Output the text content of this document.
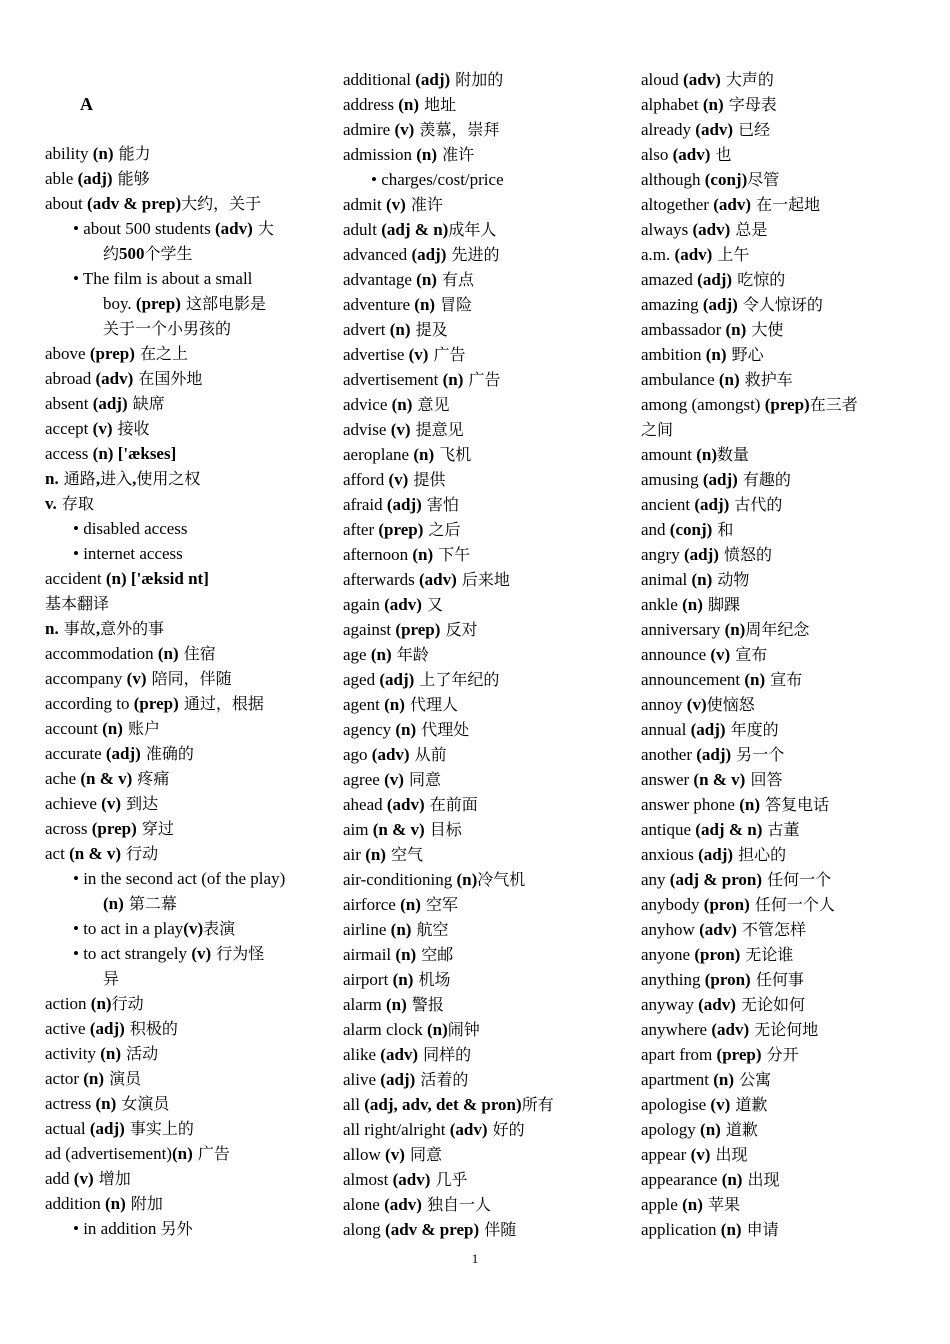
A
ability (n) 能力
able (adj) 能够
about (adv & prep)大约，关于
• about 500 students (adv) 大
约500个学生
• The film is about a small
boy. (prep) 这部电影是
关于一个小男孩的
above (prep) 在之上
abroad (adv) 在国外地
absent (adj) 缺席
accept (v) 接收
access (n) ['ækses]
n. 通路,进入,使用之权
v. 存取
• disabled access
• internet access
accident (n) ['æksid nt]
基本翻译
n. 事故,意外的事
accommodation (n) 住宿
accompany (v) 陪同，伴随
according to (prep) 通过，根据
account (n) 账户
accurate (adj) 准确的
ache (n & v) 疼痛
achieve (v) 到达
across (prep) 穿过
act (n & v) 行动
• in the second act (of the play)
(n) 第二幕
• to act in a play(v)表演
• to act strangely (v) 行为怪
异
action (n)行动
active (adj) 积极的
activity (n) 活动
actor (n) 演员
actress (n) 女演员
actual (adj) 事实上的
ad (advertisement)(n) 广告
add (v) 增加
addition (n) 附加
• in addition 另外
additional (adj) 附加的
address (n) 地址
admire (v) 羡慕，崇拜
admission (n) 准许
• charges/cost/price
admit (v) 准许
adult (adj & n)成年人
advanced (adj) 先进的
advantage (n) 有点
adventure (n) 冒险
advert (n) 提及
advertise (v) 广告
advertisement (n) 广告
advice (n) 意见
advise (v) 提意见
aeroplane (n) 飞机
afford (v) 提供
afraid (adj) 害怕
after (prep) 之后
afternoon (n) 下午
afterwards (adv) 后来地
again (adv) 又
against (prep) 反对
age (n) 年龄
aged (adj) 上了年纪的
agent (n) 代理人
agency (n) 代理处
ago (adv) 从前
agree (v) 同意
ahead (adv) 在前面
aim (n & v) 目标
air (n) 空气
air-conditioning (n)冷气机
airforce (n) 空军
airline (n) 航空
airmail (n) 空邮
airport (n) 机场
alarm (n) 警报
alarm clock (n)闹钟
alike (adv) 同样的
alive (adj) 活着的
all (adj, adv, det & pron)所有
all right/alright (adv) 好的
allow (v) 同意
almost (adv) 几乎
alone (adv) 独自一人
along (adv & prep) 伴随
aloud (adv) 大声的
alphabet (n) 字母表
already (adv) 已经
also (adv) 也
although (conj)尽管
altogether (adv) 在一起地
always (adv) 总是
a.m. (adv) 上午
amazed (adj) 吃惊的
amazing (adj) 令人惊讶的
ambassador (n) 大使
ambition (n) 野心
ambulance (n) 救护车
among (amongst) (prep)在三者
之间
amount (n)数量
amusing (adj) 有趣的
ancient (adj) 古代的
and (conj) 和
angry (adj) 愤怒的
animal (n) 动物
ankle (n) 脚踝
anniversary (n)周年纪念
announce (v) 宣布
announcement (n) 宣布
annoy (v)使恼怒
annual (adj) 年度的
another (adj) 另一个
answer (n & v) 回答
answer phone (n) 答复电话
antique (adj & n) 古董
anxious (adj) 担心的
any (adj & pron) 任何一个
anybody (pron) 任何一个人
anyhow (adv) 不管怎样
anyone (pron) 无论谁
anything (pron) 任何事
anyway (adv) 无论如何
anywhere (adv) 无论何地
apart from (prep) 分开
apartment (n) 公寓
apologise (v) 道歉
apology (n) 道歉
appear (v) 出现
appearance (n) 出现
apple (n) 苹果
application (n) 申请
1
